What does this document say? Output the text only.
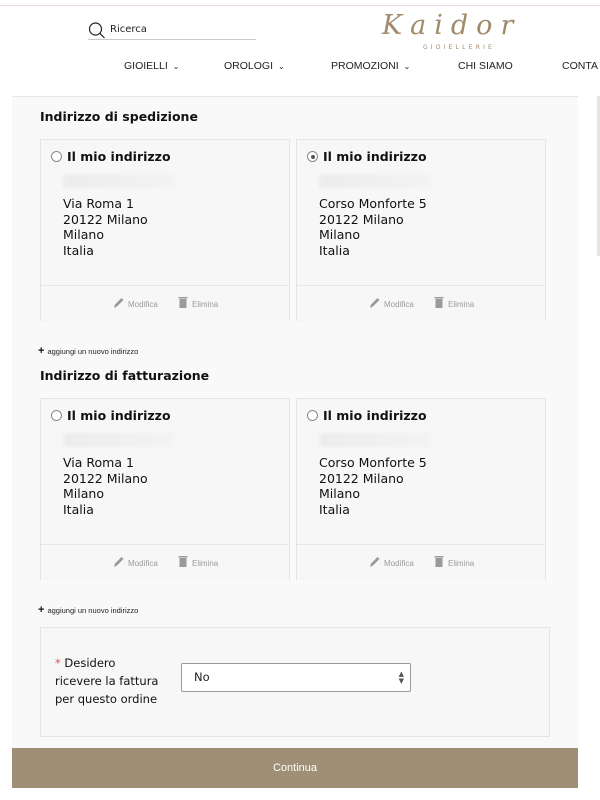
Ricerca
Kaidor
GIOIELLERIE
GIOIELLI ⌄	OROLOGI ⌄	PROMOZIONI ⌄	CHI SIAMO	CONTA
Indirizzo di spedizione
Il mio indirizzo
Via Roma 1
20122 Milano
Milano
Italia
Modifica	Elimina
Il mio indirizzo
Corso Monforte 5
20122 Milano
Milano
Italia
Modifica	Elimina
+ aggiungi un nuovo indirizzo
Indirizzo di fatturazione
Il mio indirizzo
Via Roma 1
20122 Milano
Milano
Italia
Modifica	Elimina
Il mio indirizzo
Corso Monforte 5
20122 Milano
Milano
Italia
Modifica	Elimina
+ aggiungi un nuovo indirizzo
* Desidero ricevere la fattura per questo ordine
No	▲
▼
Continua
